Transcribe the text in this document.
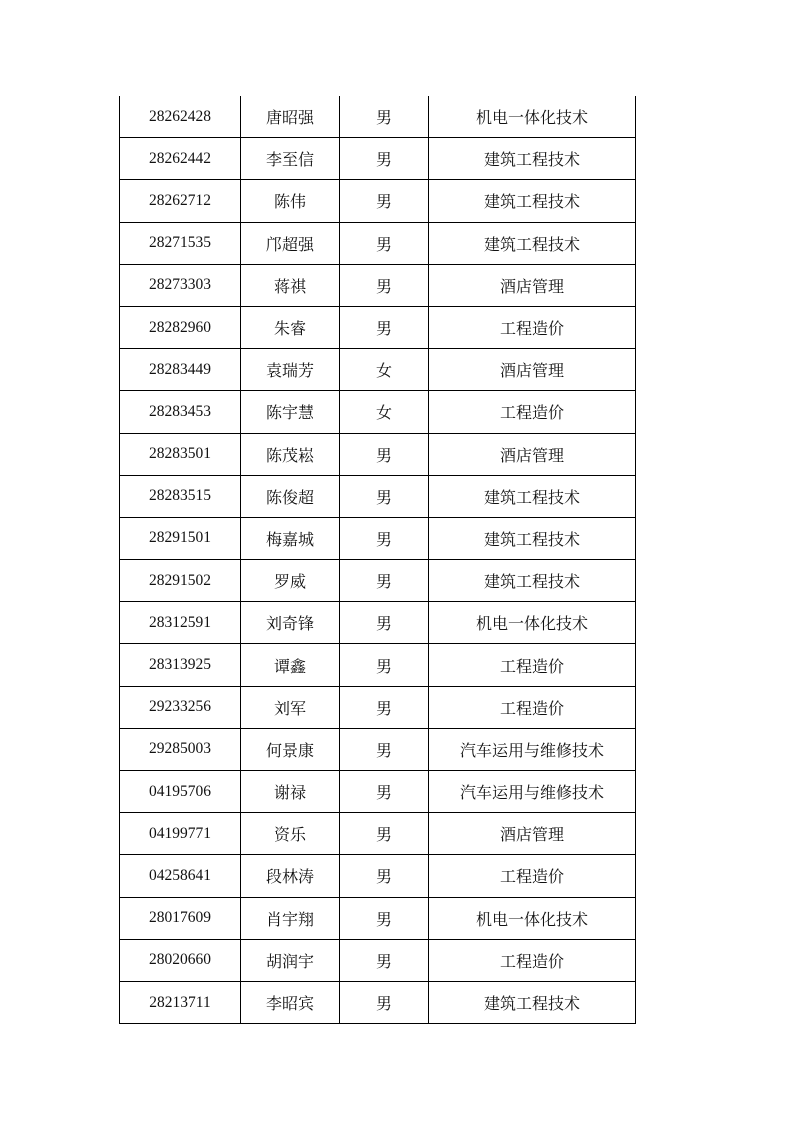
28262428	唐昭强	男	机电一体化技术
28262442	李至信	男	建筑工程技术
28262712	陈伟	男	建筑工程技术
28271535	邝超强	男	建筑工程技术
28273303	蒋祺	男	酒店管理
28282960	朱睿	男	工程造价
28283449	袁瑞芳	女	酒店管理
28283453	陈宇慧	女	工程造价
28283501	陈茂崧	男	酒店管理
28283515	陈俊超	男	建筑工程技术
28291501	梅嘉城	男	建筑工程技术
28291502	罗威	男	建筑工程技术
28312591	刘奇锋	男	机电一体化技术
28313925	谭鑫	男	工程造价
29233256	刘军	男	工程造价
29285003	何景康	男	汽车运用与维修技术
04195706	谢禄	男	汽车运用与维修技术
04199771	资乐	男	酒店管理
04258641	段林涛	男	工程造价
28017609	肖宇翔	男	机电一体化技术
28020660	胡润宇	男	工程造价
28213711	李昭宾	男	建筑工程技术
